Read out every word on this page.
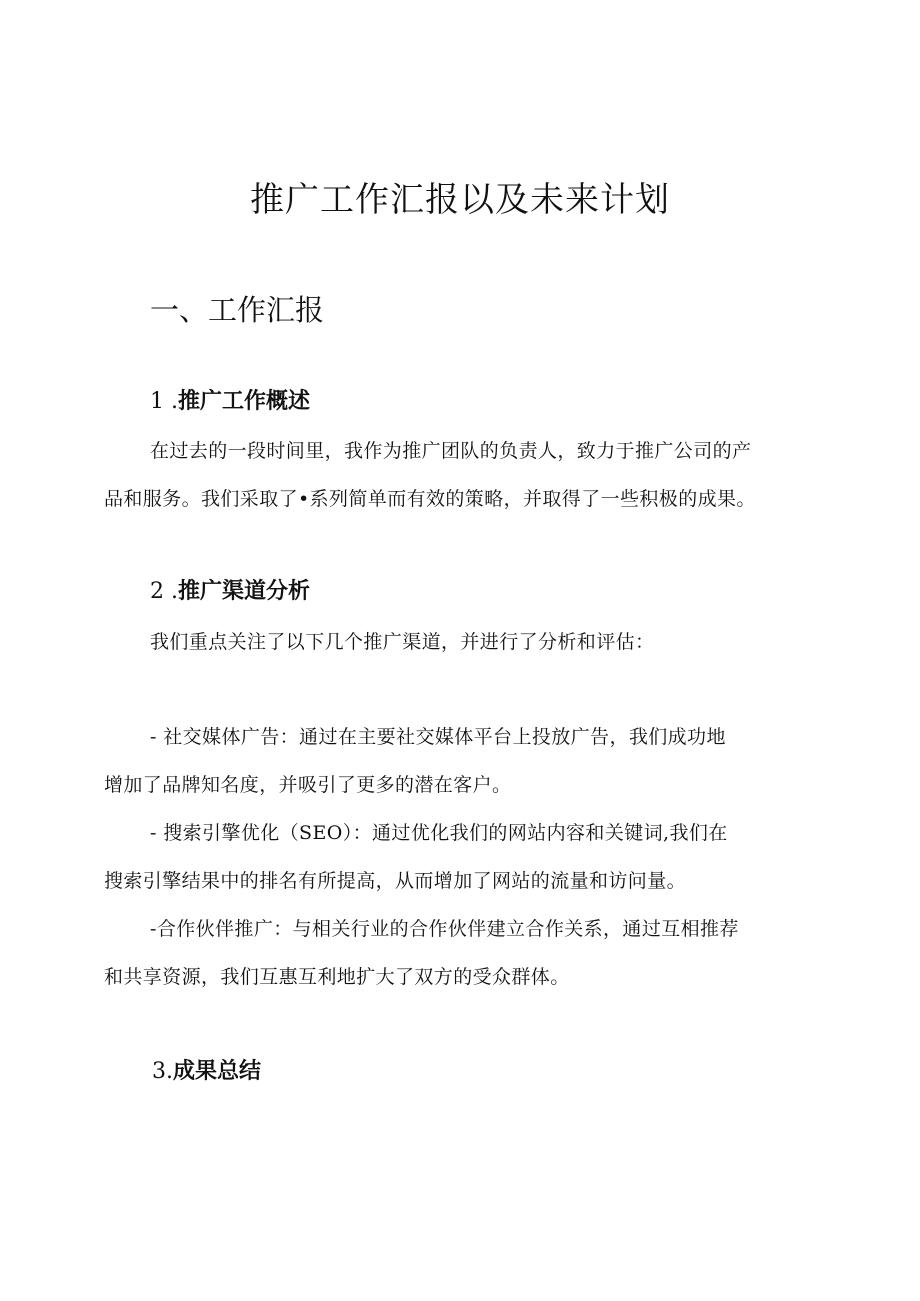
推广工作汇报以及未来计划
一、工作汇报
1 .推广工作概述
在过去的一段时间里，我作为推广团队的负责人，致力于推广公司的产
品和服务。我们采取了•系列简单而有效的策略，并取得了一些积极的成果。
2 .推广渠道分析
我们重点关注了以下几个推广渠道，并进行了分析和评估：
- 社交媒体广告：通过在主要社交媒体平台上投放广告，我们成功地
增加了品牌知名度，并吸引了更多的潜在客户。
- 搜索引擎优化（SEO）：通过优化我们的网站内容和关键词,我们在
搜索引擎结果中的排名有所提高，从而增加了网站的流量和访问量。
-合作伙伴推广：与相关行业的合作伙伴建立合作关系，通过互相推荐
和共享资源，我们互惠互利地扩大了双方的受众群体。
3.成果总结
